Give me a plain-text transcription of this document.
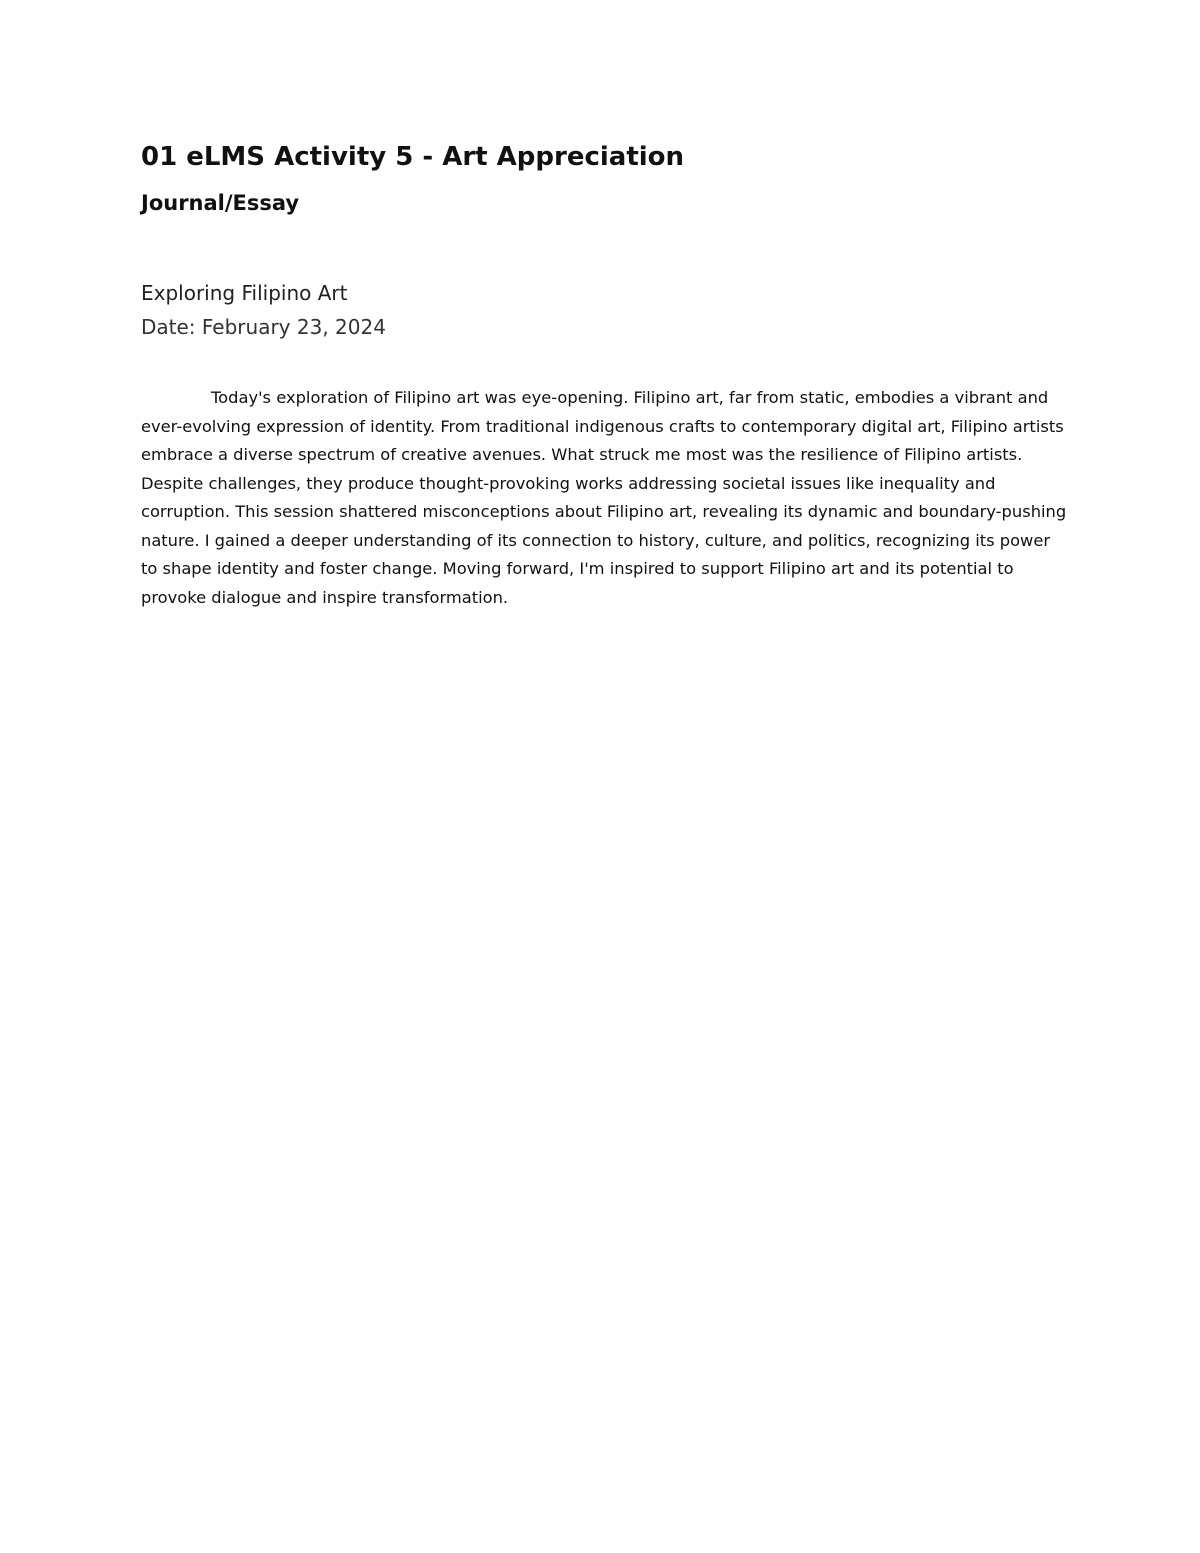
01 eLMS Activity 5 - Art Appreciation
Journal/Essay
Exploring Filipino Art
Date: February 23, 2024

Today's exploration of Filipino art was eye-opening. Filipino art, far from static, embodies a vibrant and ever-evolving expression of identity. From traditional indigenous crafts to contemporary digital art, Filipino artists embrace a diverse spectrum of creative avenues. What struck me most was the resilience of Filipino artists. Despite challenges, they produce thought-provoking works addressing societal issues like inequality and corruption. This session shattered misconceptions about Filipino art, revealing its dynamic and boundary-pushing nature. I gained a deeper understanding of its connection to history, culture, and politics, recognizing its power to shape identity and foster change. Moving forward, I'm inspired to support Filipino art and its potential to provoke dialogue and inspire transformation.
